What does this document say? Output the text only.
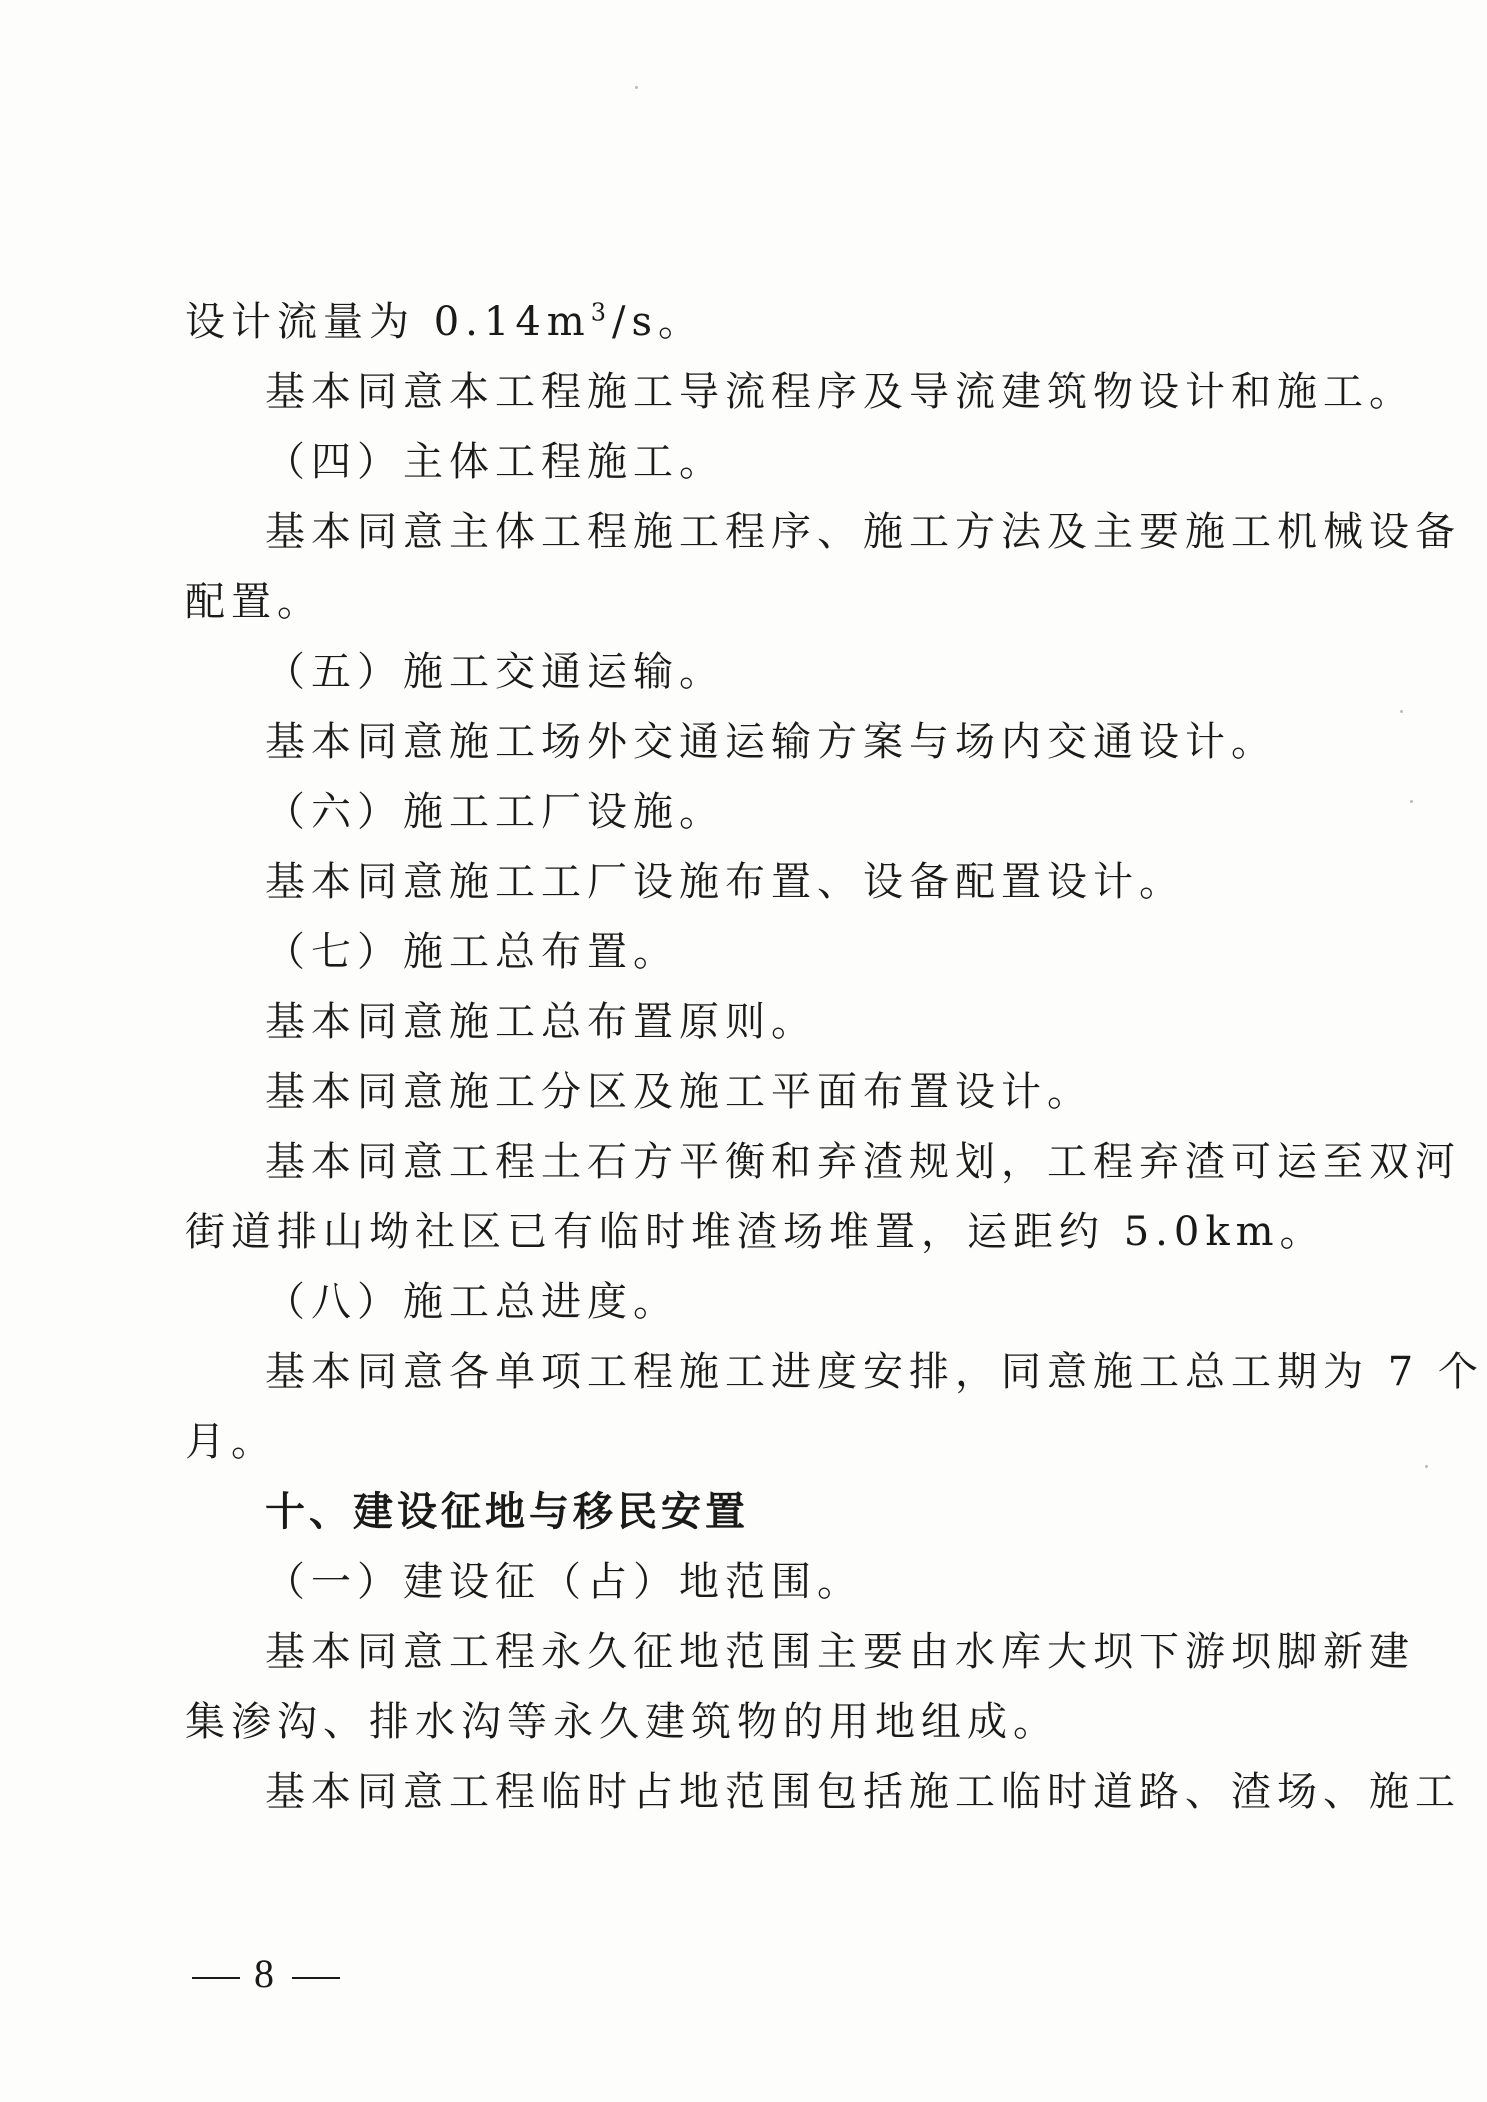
设计流量为 $0.14m^3/s$。
基本同意本工程施工导流程序及导流建筑物设计和施工。
（四）主体工程施工。
基本同意主体工程施工程序、施工方法及主要施工机械设备
配置。
（五）施工交通运输。
基本同意施工场外交通运输方案与场内交通设计。
（六）施工工厂设施。
基本同意施工工厂设施布置、设备配置设计。
（七）施工总布置。
基本同意施工总布置原则。
基本同意施工分区及施工平面布置设计。
基本同意工程土石方平衡和弃渣规划，工程弃渣可运至双河
街道排山坳社区已有临时堆渣场堆置，运距约 5.0km。
（八）施工总进度。
基本同意各单项工程施工进度安排，同意施工总工期为 7 个
月。
十、建设征地与移民安置
（一）建设征（占）地范围。
基本同意工程永久征地范围主要由水库大坝下游坝脚新建
集渗沟、排水沟等永久建筑物的用地组成。
基本同意工程临时占地范围包括施工临时道路、渣场、施工
8
